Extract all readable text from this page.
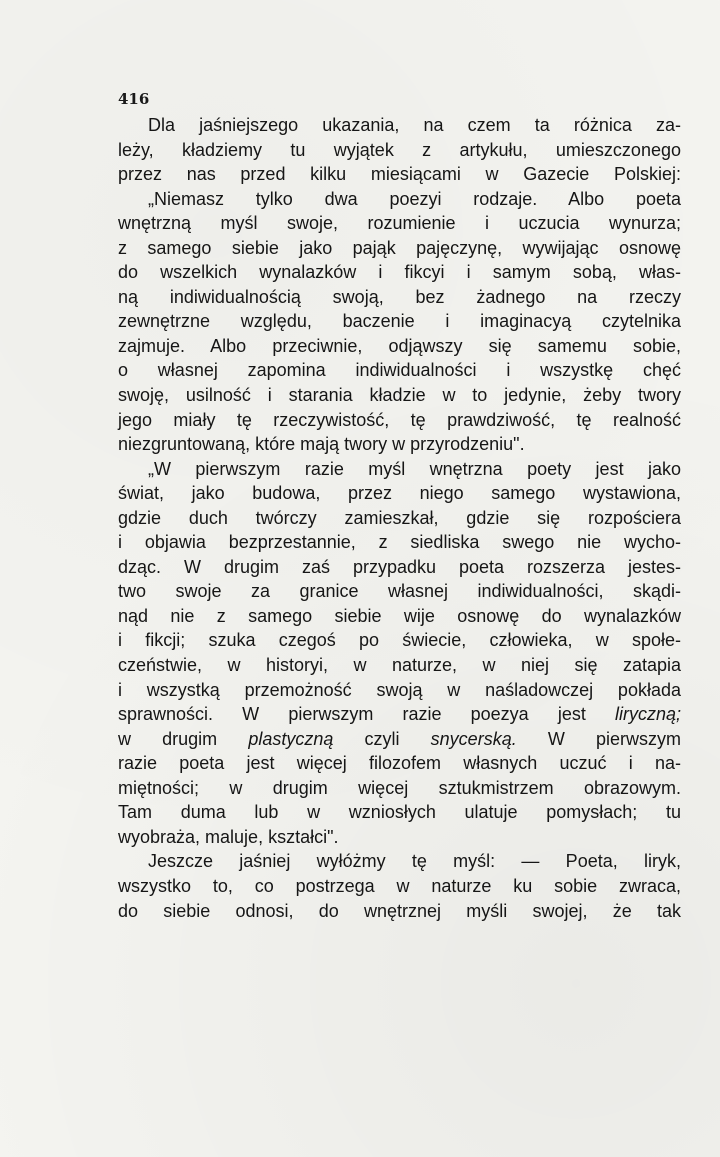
416
Dla jaśniejszego ukazania, na czem ta różnica za-
leży, kładziemy tu wyjątek z artykułu, umieszczonego
przez nas przed kilku miesiącami w Gazecie Polskiej:
„Niemasz tylko dwa poezyi rodzaje. Albo poeta
wnętrzną myśl swoje, rozumienie i uczucia wynurza;
z samego siebie jako pająk pajęczynę, wywijając osnowę
do wszelkich wynalazków i fikcyi i samym sobą, włas-
ną indiwidualnością swoją, bez żadnego na rzeczy
zewnętrzne względu, baczenie i imaginacyą czytelnika
zajmuje. Albo przeciwnie, odjąwszy się samemu sobie,
o własnej zapomina indiwidualności i wszystkę chęć
swoję, usilność i starania kładzie w to jedynie, żeby twory
jego miały tę rzeczywistość, tę prawdziwość, tę realność
niezgruntowaną, które mają twory w przyrodzeniu".
„W pierwszym razie myśl wnętrzna poety jest jako
świat, jako budowa, przez niego samego wystawiona,
gdzie duch twórczy zamieszkał, gdzie się rozpościera
i objawia bezprzestannie, z siedliska swego nie wycho-
dząc. W drugim zaś przypadku poeta rozszerza jestes-
two swoje za granice własnej indiwidualności, skądi-
nąd nie z samego siebie wije osnowę do wynalazków
i fikcji; szuka czegoś po świecie, człowieka, w społe-
czeństwie, w historyi, w naturze, w niej się zatapia
i wszystką przemożność swoją w naśladowczej pokłada
sprawności. W pierwszym razie poezya jest liryczną;
w drugim plastyczną czyli snycerską. W pierwszym
razie poeta jest więcej filozofem własnych uczuć i na-
miętności; w drugim więcej sztukmistrzem obrazowym.
Tam duma lub w wzniosłych ulatuje pomysłach; tu
wyobraża, maluje, kształci".
Jeszcze jaśniej wyłóżmy tę myśl: — Poeta, liryk,
wszystko to, co postrzega w naturze ku sobie zwraca,
do siebie odnosi, do wnętrznej myśli swojej, że tak
